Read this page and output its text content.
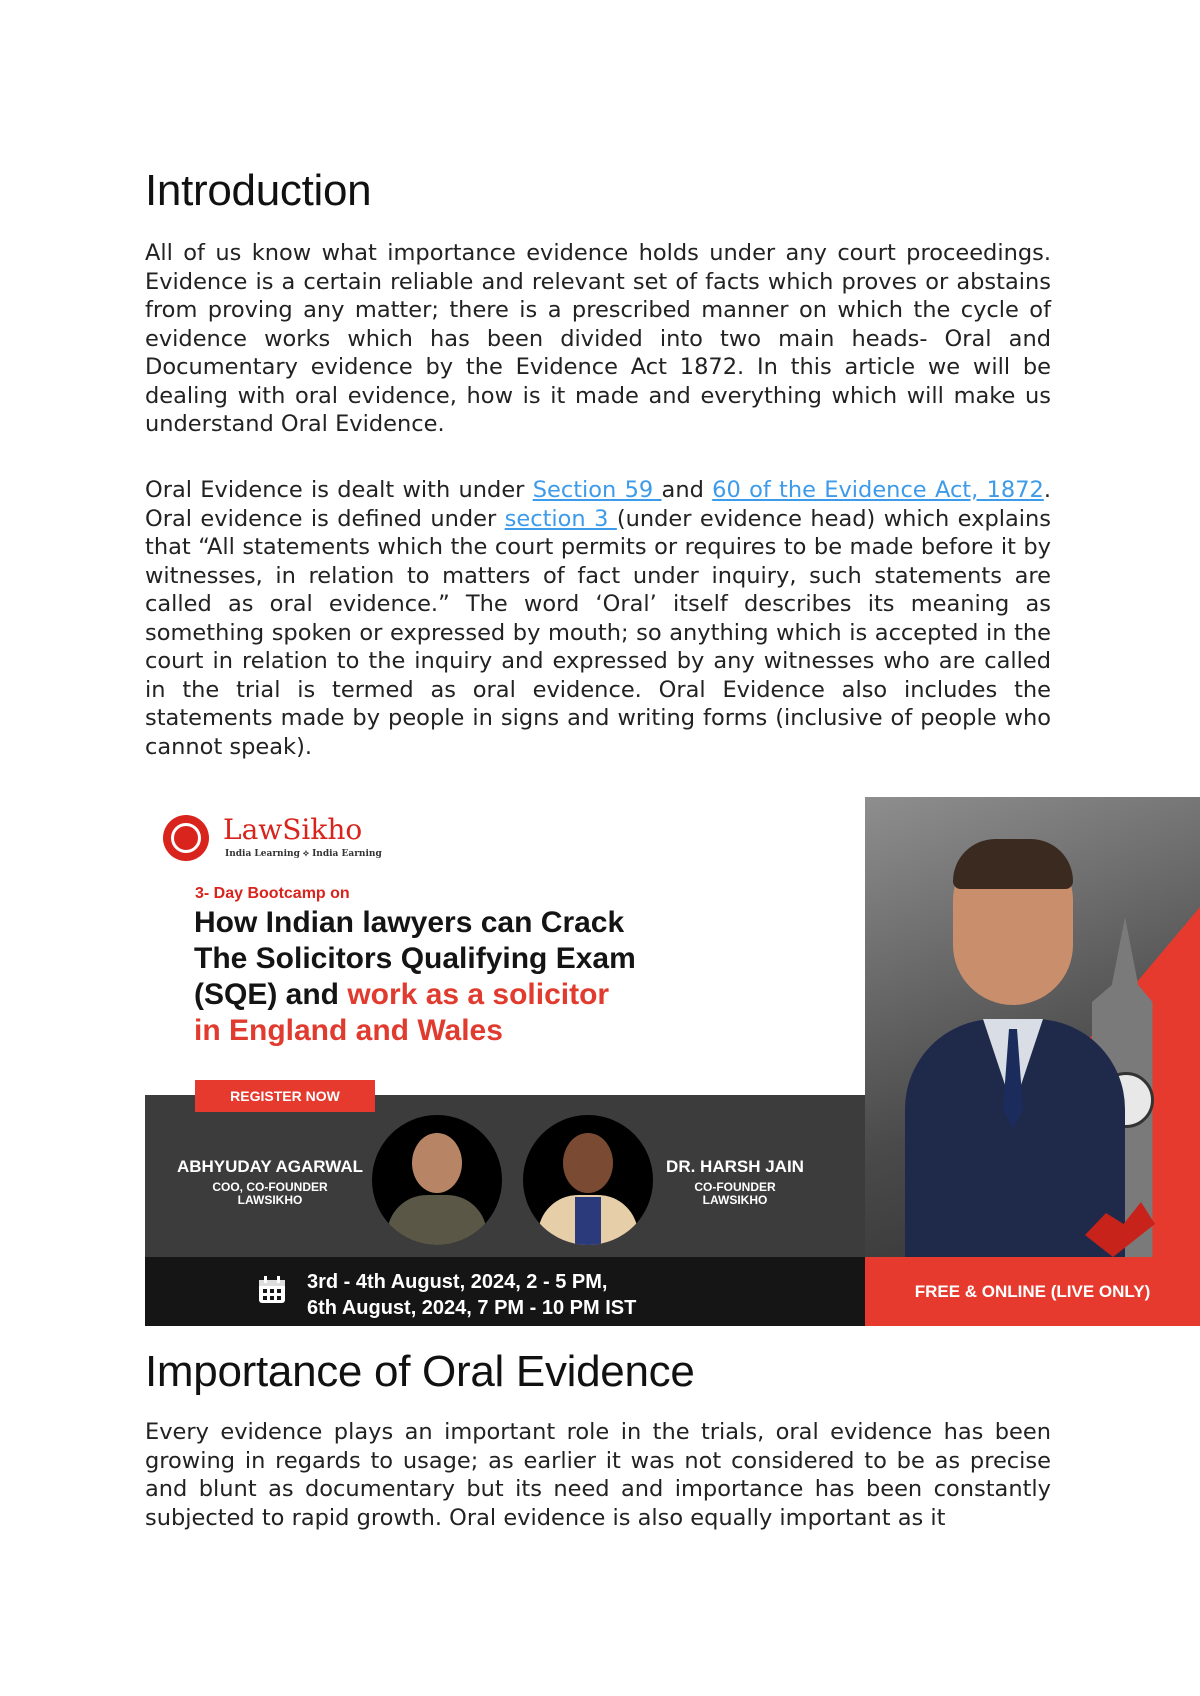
Introduction

All of us know what importance evidence holds under any court proceedings. Evidence is a certain reliable and relevant set of facts which proves or abstains from proving any matter; there is a prescribed manner on which the cycle of evidence works which has been divided into two main heads- Oral and Documentary evidence by the Evidence Act 1872. In this article we will be dealing with oral evidence, how is it made and everything which will make us understand Oral Evidence.

Oral Evidence is dealt with under Section 59 and 60 of the Evidence Act, 1872. Oral evidence is defined under section 3 (under evidence head) which explains that “All statements which the court permits or requires to be made before it by witnesses, in relation to matters of fact under inquiry, such statements are called as oral evidence.” The word ‘Oral’ itself describes its meaning as something spoken or expressed by mouth; so anything which is accepted in the court in relation to the inquiry and expressed by any witnesses who are called in the trial is termed as oral evidence. Oral Evidence also includes the statements made by people in signs and writing forms (inclusive of people who cannot speak).

LawSikho
India Learning ⟡ India Earning
3- Day Bootcamp on
How Indian lawyers can Crack
The Solicitors Qualifying Exam
(SQE) and work as a solicitor
in England and Wales
REGISTER NOW
ABHYUDAY AGARWAL
COO, CO-FOUNDER
LAWSIKHO
DR. HARSH JAIN
CO-FOUNDER
LAWSIKHO
3rd - 4th August, 2024, 2 - 5 PM,
6th August, 2024, 7 PM - 10 PM IST
FREE & ONLINE (LIVE ONLY)
Importance of Oral Evidence

Every evidence plays an important role in the trials, oral evidence has been growing in regards to usage; as earlier it was not considered to be as precise and blunt as documentary but its need and importance has been constantly subjected to rapid growth. Oral evidence is also equally important as it
